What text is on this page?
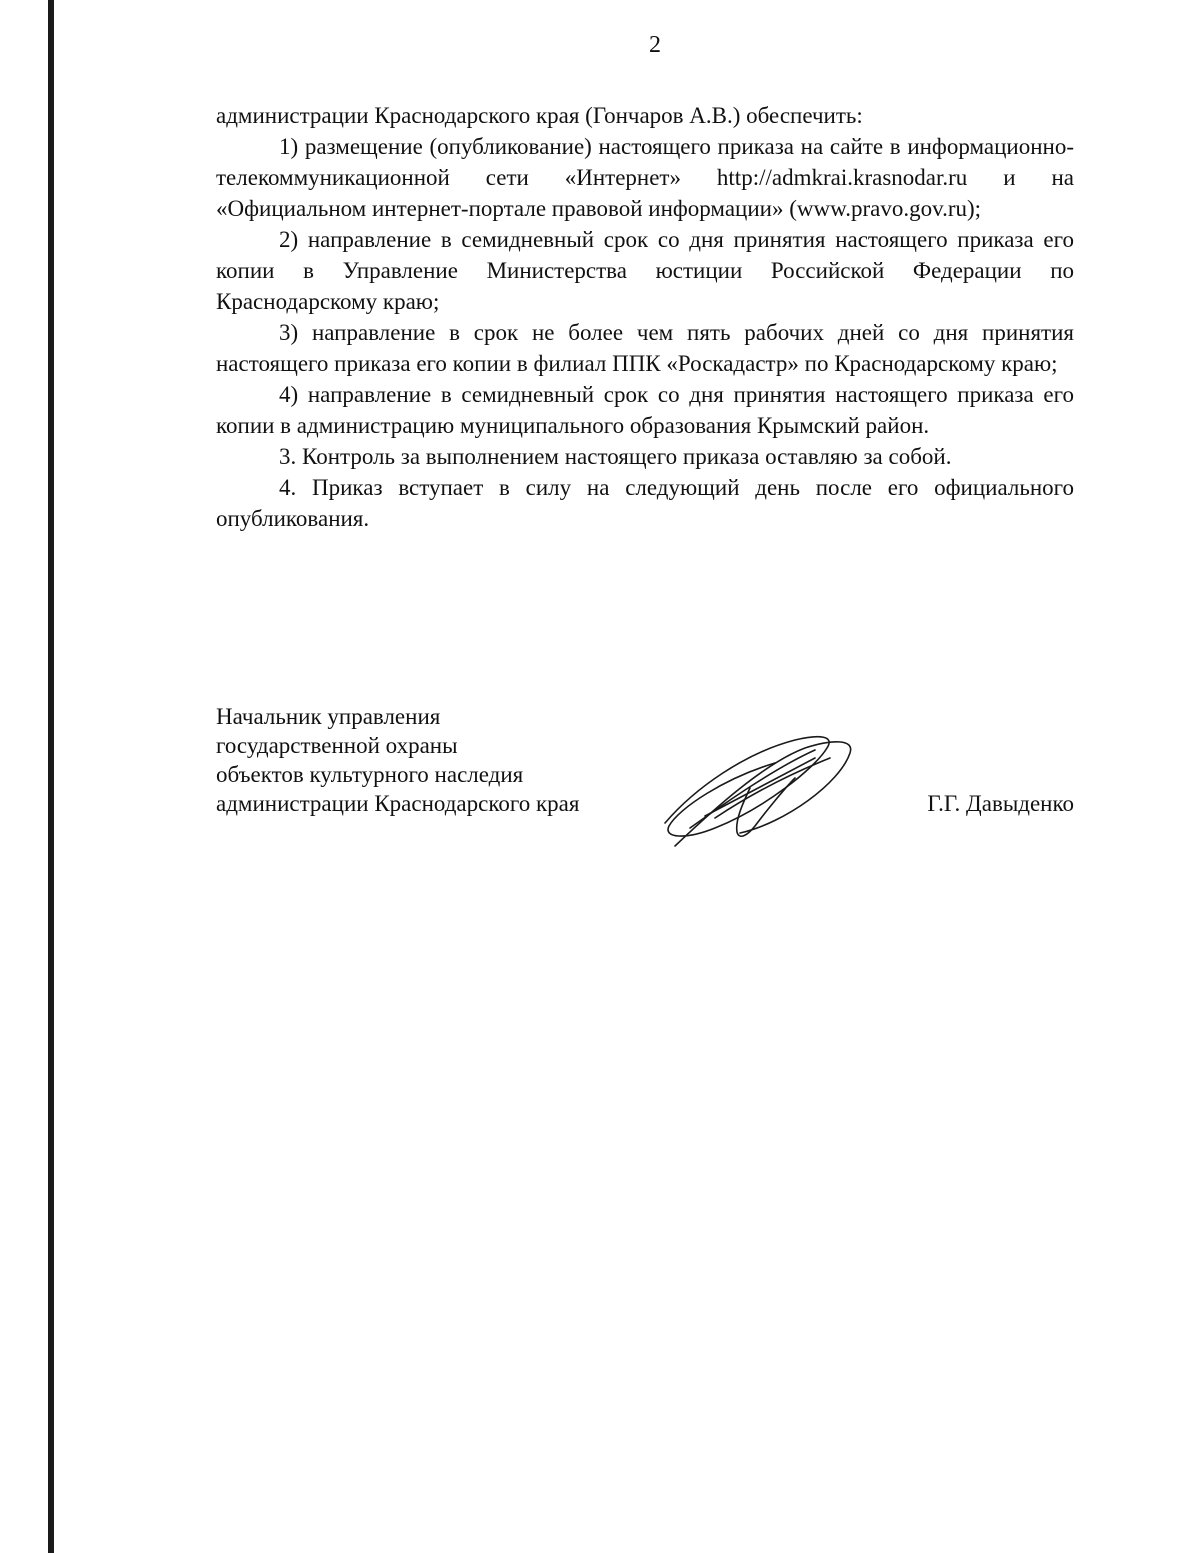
2

администрации Краснодарского края (Гончаров А.В.) обеспечить:

1) размещение (опубликование) настоящего приказа на сайте в информационно-телекоммуникационной сети «Интернет» http://admkrai.krasnodar.ru и на «Официальном интернет-портале правовой информации» (www.pravo.gov.ru);

2) направление в семидневный срок со дня принятия настоящего приказа его копии в Управление Министерства юстиции Российской Федерации по Краснодарскому краю;

3) направление в срок не более чем пять рабочих дней со дня принятия настоящего приказа его копии в филиал ППК «Роскадастр» по Краснодарскому краю;

4) направление в семидневный срок со дня принятия настоящего приказа его копии в администрацию муниципального образования Крымский район.

3. Контроль за выполнением настоящего приказа оставляю за собой.

4. Приказ вступает в силу на следующий день после его официального опубликования.

Начальник управления
государственной охраны
объектов культурного наследия
администрации Краснодарского края	Г.Г. Давыденко
